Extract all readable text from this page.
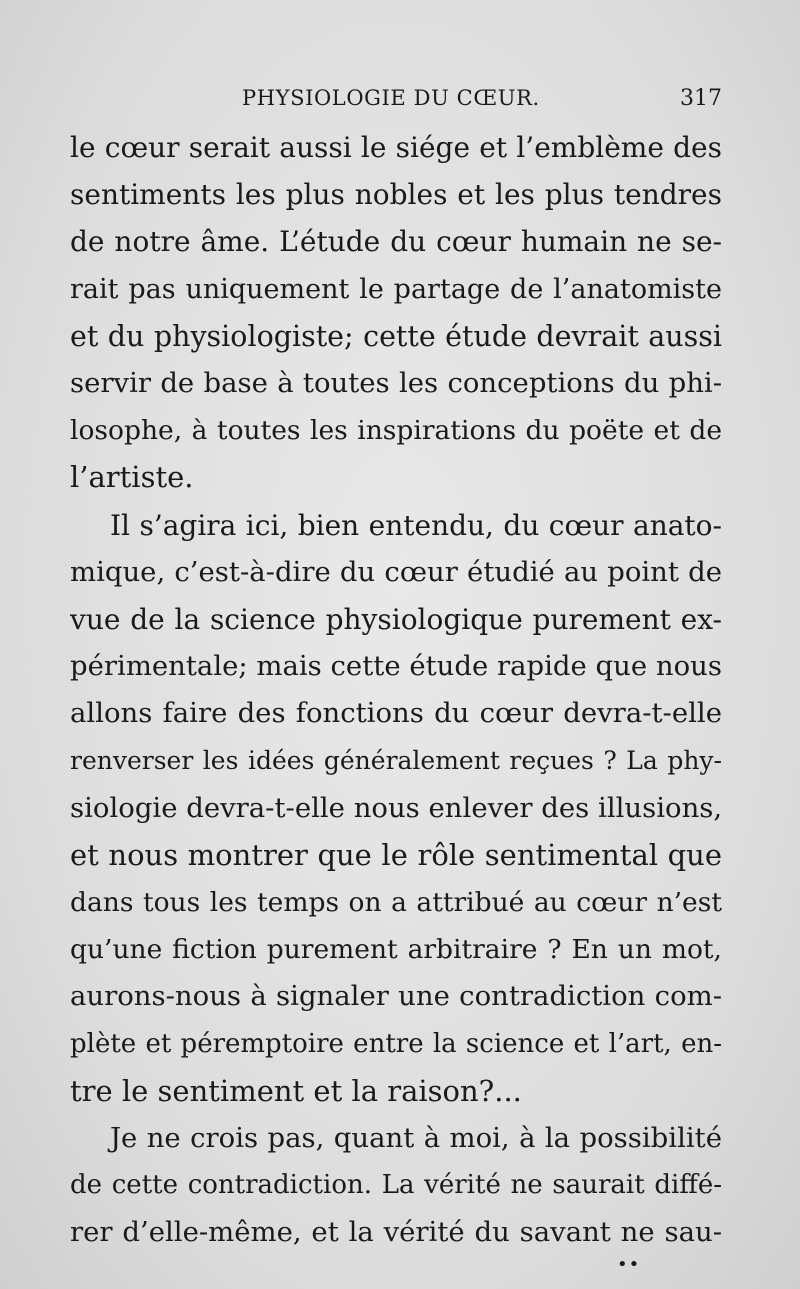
PHYSIOLOGIE DU CŒUR.	317
le cœur serait aussi le siége et l’emblème des
sentiments les plus nobles et les plus tendres
de notre âme. L’étude du cœur humain ne se-
rait pas uniquement le partage de l’anatomiste
et du physiologiste; cette étude devrait aussi
servir de base à toutes les conceptions du phi-
losophe, à toutes les inspirations du poëte et de
l’artiste.
Il s’agira ici, bien entendu, du cœur anato-
mique, c’est-à-dire du cœur étudié au point de
vue de la science physiologique purement ex-
périmentale; mais cette étude rapide que nous
allons faire des fonctions du cœur devra-t-elle
renverser les idées généralement reçues ? La phy-
siologie devra-t-elle nous enlever des illusions,
et nous montrer que le rôle sentimental que
dans tous les temps on a attribué au cœur n’est
qu’une fiction purement arbitraire ? En un mot,
aurons-nous à signaler une contradiction com-
plète et péremptoire entre la science et l’art, en-
tre le sentiment et la raison?...
Je ne crois pas, quant à moi, à la possibilité
de cette contradiction. La vérité ne saurait diffé-
rer d’elle-même, et la vérité du savant ne sau-
••
